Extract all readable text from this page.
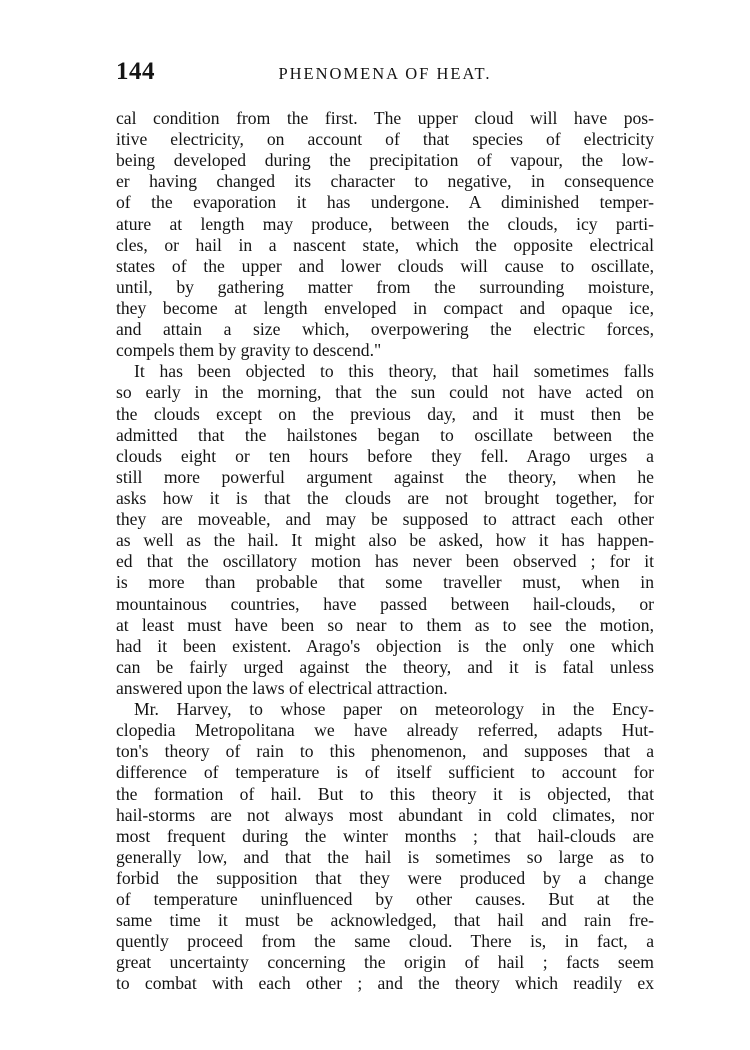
144	PHENOMENA OF HEAT.
cal condition from the first. The upper cloud will have pos-
itive electricity, on account of that species of electricity
being developed during the precipitation of vapour, the low-
er having changed its character to negative, in consequence
of the evaporation it has undergone. A diminished temper-
ature at length may produce, between the clouds, icy parti-
cles, or hail in a nascent state, which the opposite electrical
states of the upper and lower clouds will cause to oscillate,
until, by gathering matter from the surrounding moisture,
they become at length enveloped in compact and opaque ice,
and attain a size which, overpowering the electric forces,
compels them by gravity to descend."
It has been objected to this theory, that hail sometimes falls
so early in the morning, that the sun could not have acted on
the clouds except on the previous day, and it must then be
admitted that the hailstones began to oscillate between the
clouds eight or ten hours before they fell. Arago urges a
still more powerful argument against the theory, when he
asks how it is that the clouds are not brought together, for
they are moveable, and may be supposed to attract each other
as well as the hail. It might also be asked, how it has happen-
ed that the oscillatory motion has never been observed ; for it
is more than probable that some traveller must, when in
mountainous countries, have passed between hail-clouds, or
at least must have been so near to them as to see the motion,
had it been existent. Arago's objection is the only one which
can be fairly urged against the theory, and it is fatal unless
answered upon the laws of electrical attraction.
Mr. Harvey, to whose paper on meteorology in the Ency-
clopedia Metropolitana we have already referred, adapts Hut-
ton's theory of rain to this phenomenon, and supposes that a
difference of temperature is of itself sufficient to account for
the formation of hail. But to this theory it is objected, that
hail-storms are not always most abundant in cold climates, nor
most frequent during the winter months ; that hail-clouds are
generally low, and that the hail is sometimes so large as to
forbid the supposition that they were produced by a change
of temperature uninfluenced by other causes. But at the
same time it must be acknowledged, that hail and rain fre-
quently proceed from the same cloud. There is, in fact, a
great uncertainty concerning the origin of hail ; facts seem
to combat with each other ; and the theory which readily ex
